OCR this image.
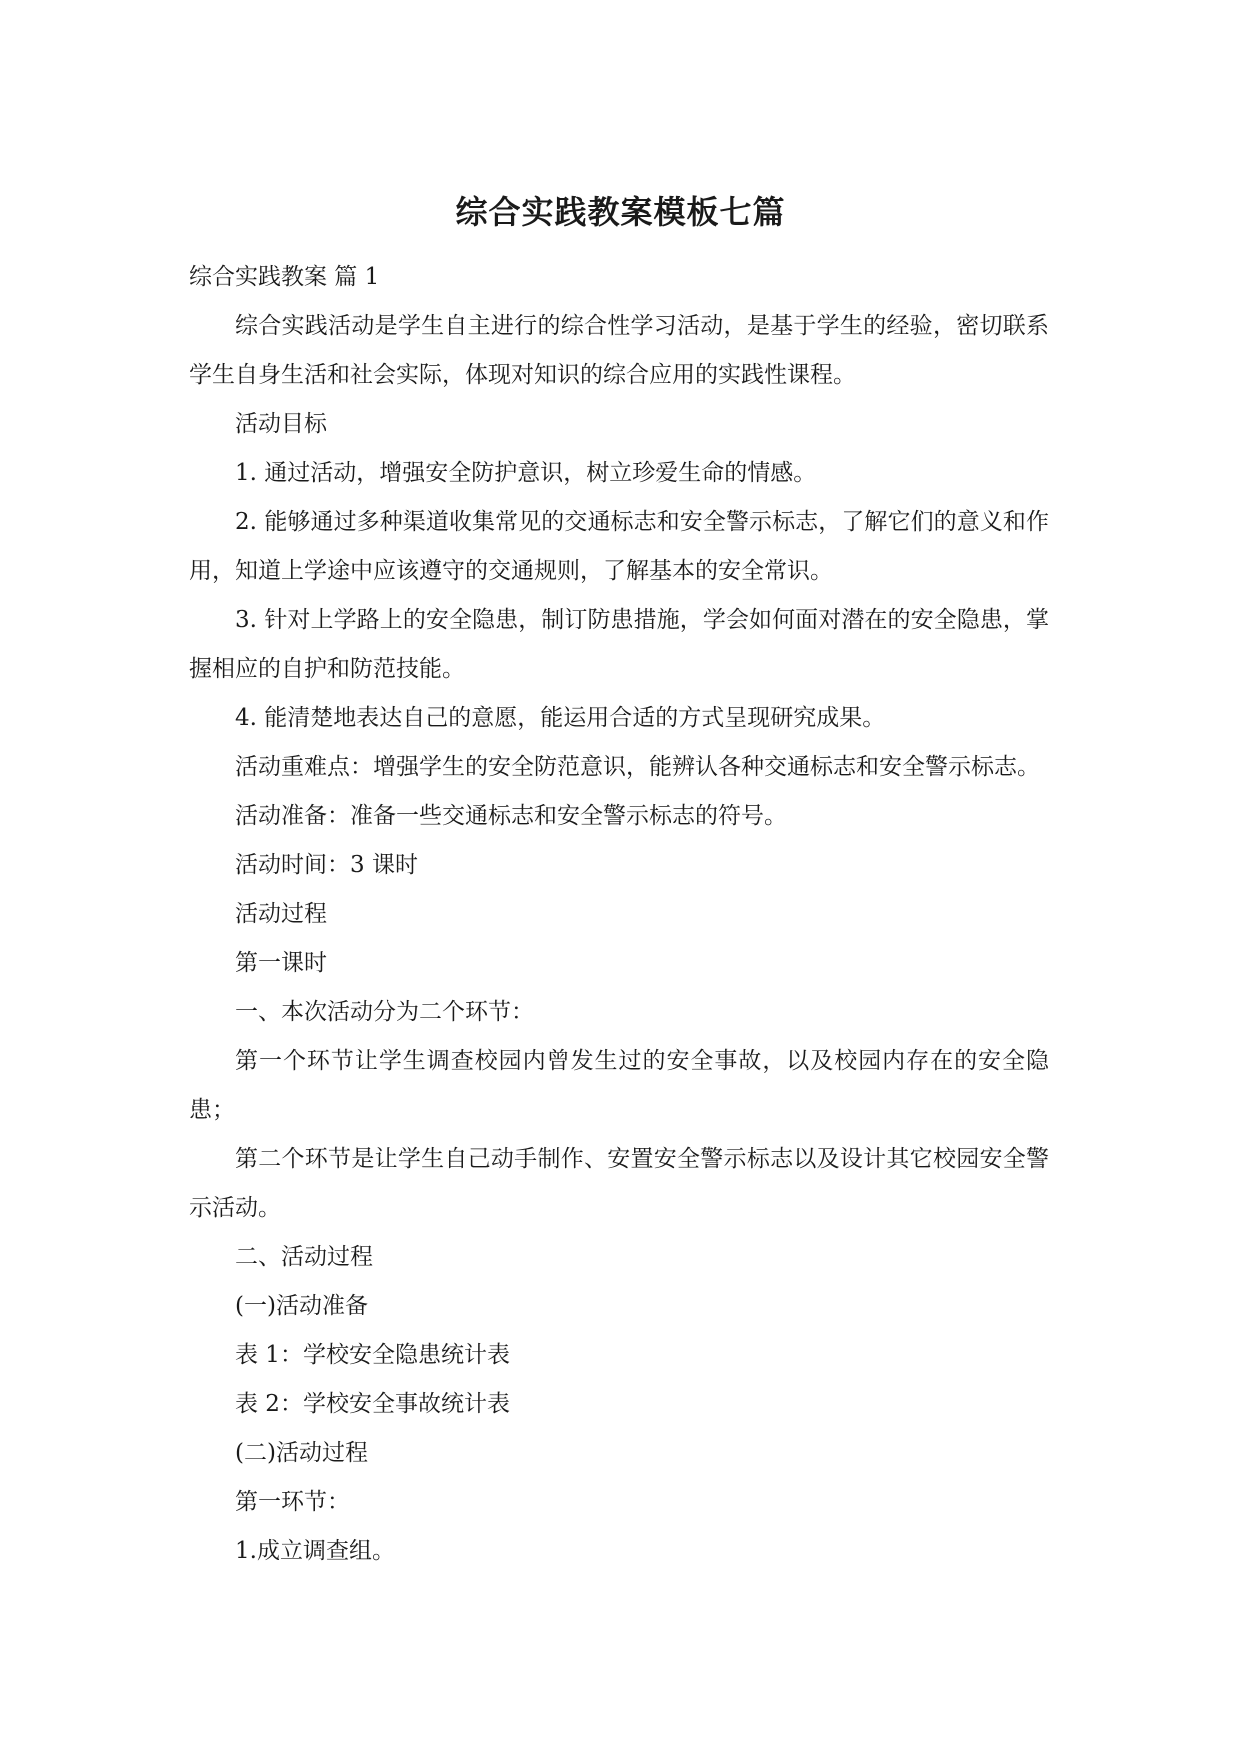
综合实践教案模板七篇

综合实践教案 篇 1

综合实践活动是学生自主进行的综合性学习活动，是基于学生的经验，密切联系学生自身生活和社会实际，体现对知识的综合应用的实践性课程。

活动目标

1. 通过活动，增强安全防护意识，树立珍爱生命的情感。

2. 能够通过多种渠道收集常见的交通标志和安全警示标志，了解它们的意义和作用，知道上学途中应该遵守的交通规则，了解基本的安全常识。

3. 针对上学路上的安全隐患，制订防患措施，学会如何面对潜在的安全隐患，掌握相应的自护和防范技能。

4. 能清楚地表达自己的意愿，能运用合适的方式呈现研究成果。

活动重难点：增强学生的安全防范意识，能辨认各种交通标志和安全警示标志。

活动准备：准备一些交通标志和安全警示标志的符号。

活动时间：3 课时

活动过程

第一课时

一、本次活动分为二个环节：

第一个环节让学生调查校园内曾发生过的安全事故，以及校园内存在的安全隐患；

第二个环节是让学生自己动手制作、安置安全警示标志以及设计其它校园安全警示活动。

二、活动过程

(一)活动准备

表 1：学校安全隐患统计表

表 2：学校安全事故统计表

(二)活动过程

第一环节：

1.成立调查组。
